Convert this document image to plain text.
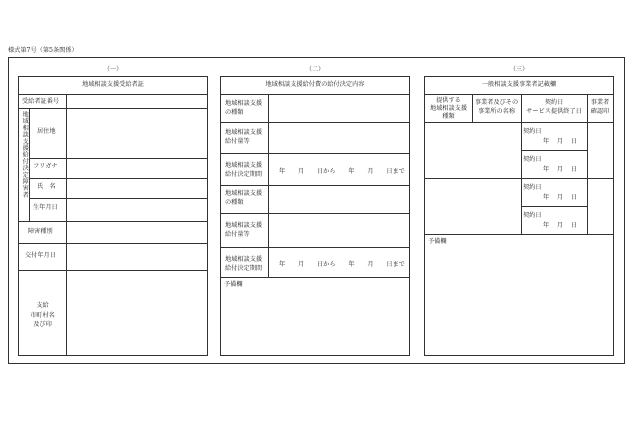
様式第7号（第5条関係）
（一）
地域相談支援受給者証
受給者証番号
地域相談支援給付決定障害者 居住地
フリガナ
氏　名
生年月日
障害種別
交付年月日
支給
市町村名
及び印
（二）
地域相談支援給付費の給付決定内容
地域相談支援
の種類
地域相談支援
給付量等
地域相談支援
給付決定期間	年 月 日から 年 月 日まで
地域相談支援
の種類
地域相談支援
給付量等
地域相談支援
給付決定期間
年 月 日から 年 月 日まで
予備欄
（三）
一般相談支援事業者記載欄
提供する
地域相談支援
種類
事業者及びその
事業所の名称
契約日
サービス提供終了日
事業者
確認印
契約日
年 月 日
契約日
年 月 日
契約日
年 月 日
契約日
年 月 日
予備欄
